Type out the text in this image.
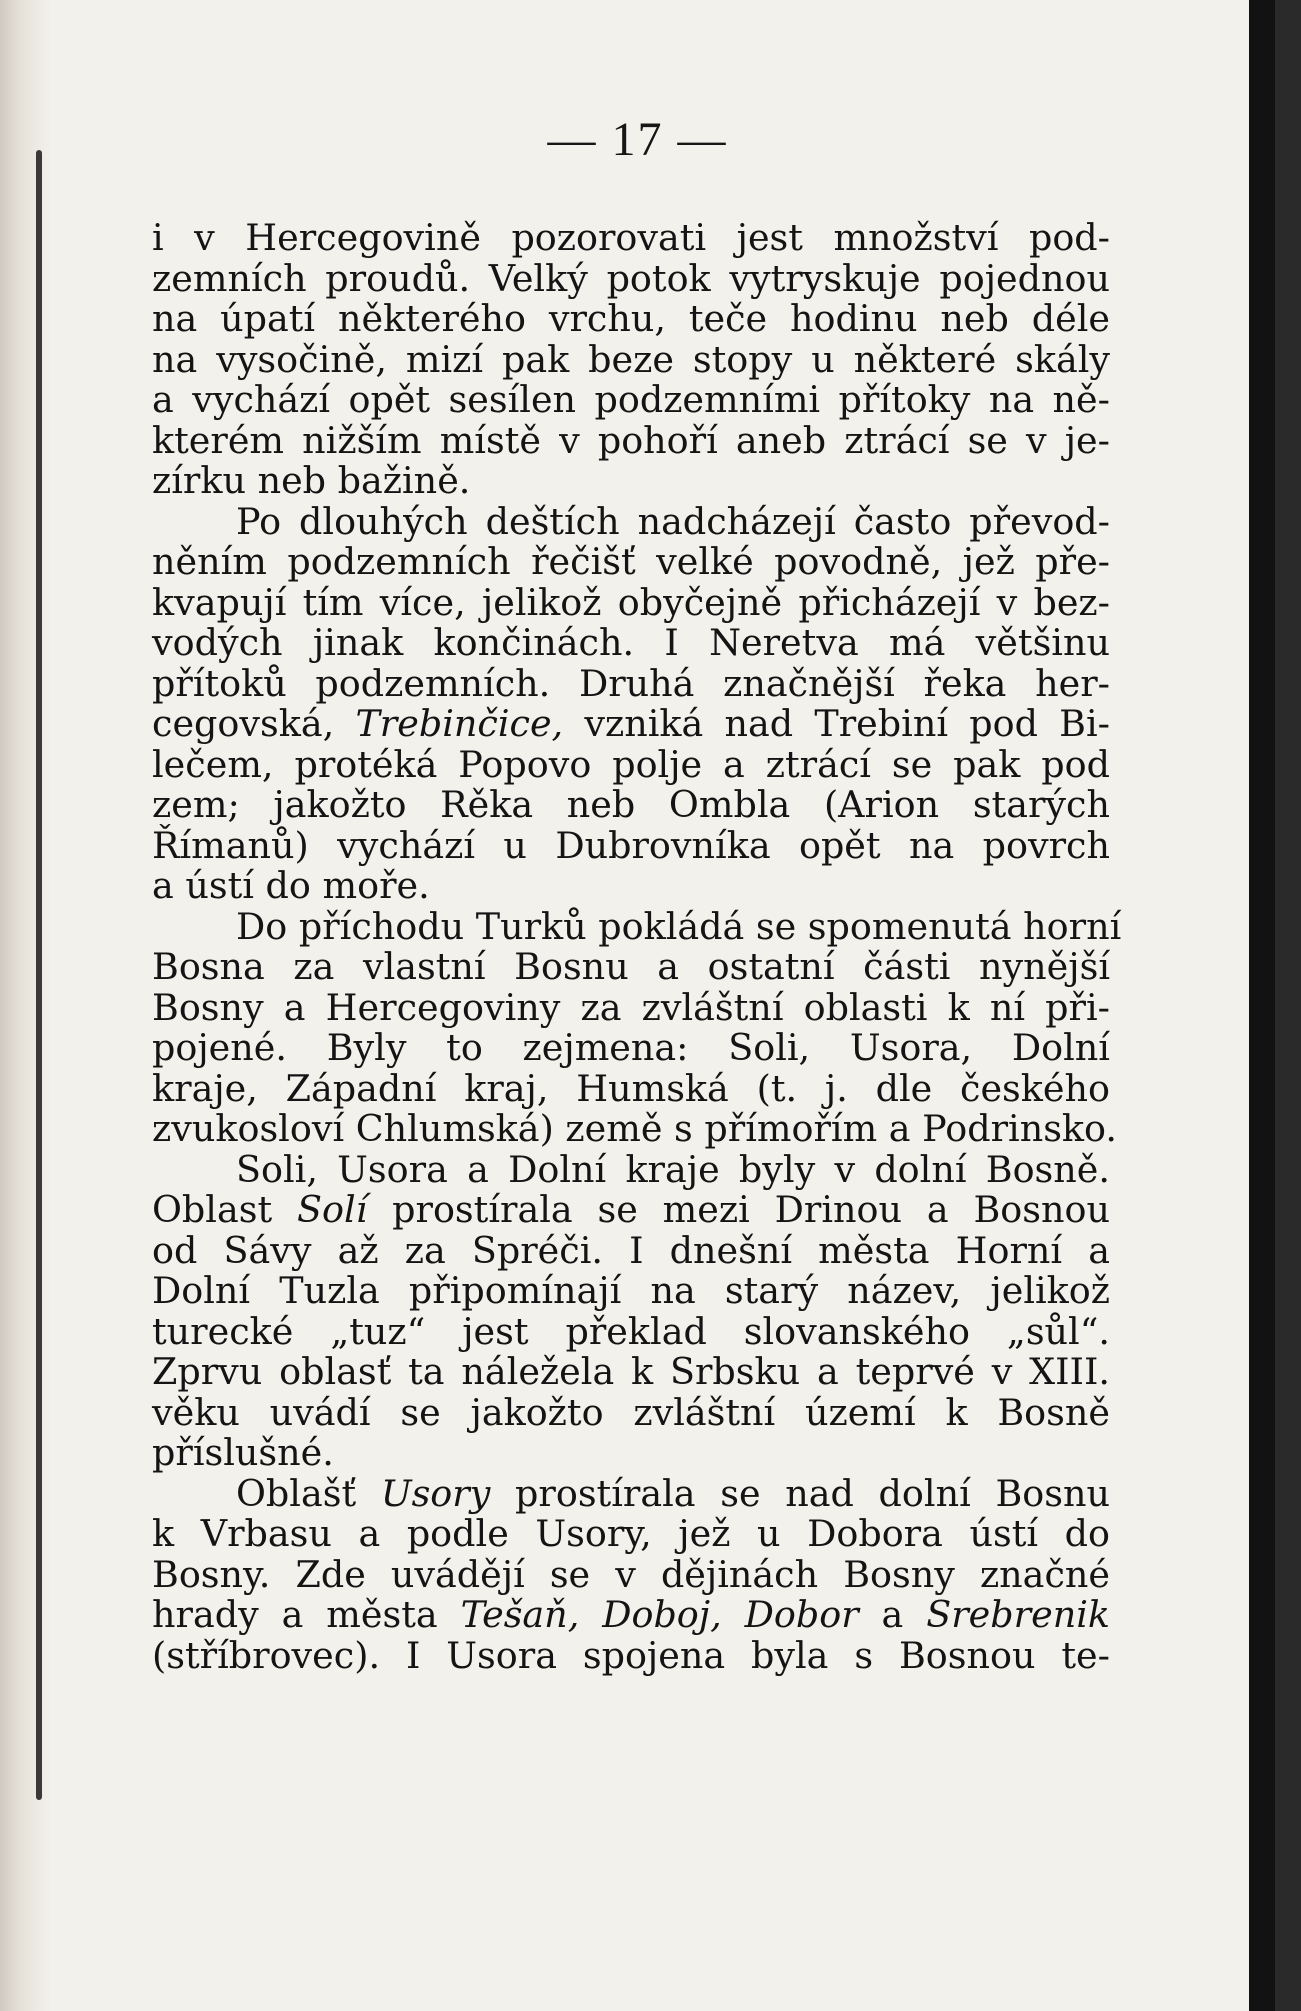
— 17 —
i v Hercegovině pozorovati jest množství pod-
zemních proudů. Velký potok vytryskuje pojednou
na úpatí některého vrchu, teče hodinu neb déle
na vysočině, mizí pak beze stopy u některé skály
a vychází opět sesílen podzemními přítoky na ně-
kterém nižším místě v pohoří aneb ztrácí se v je-
zírku neb bažině.
Po dlouhých deštích nadcházejí často převod-
něním podzemních řečišť velké povodně, jež pře-
kvapují tím více, jelikož obyčejně přicházejí v bez-
vodých jinak končinách. I Neretva má většinu
přítoků podzemních. Druhá značnější řeka her-
cegovská, Trebinčice, vzniká nad Trebiní pod Bi-
lečem, protéká Popovo polje a ztrácí se pak pod
zem; jakožto Rěka neb Ombla (Arion starých
Římanů) vychází u Dubrovníka opět na povrch
a ústí do moře.
Do příchodu Turků pokládá se spomenutá horní
Bosna za vlastní Bosnu a ostatní části nynější
Bosny a Hercegoviny za zvláštní oblasti k ní při-
pojené. Byly to zejmena: Soli, Usora, Dolní
kraje, Západní kraj, Humská (t. j. dle českého
zvukosloví Chlumská) země s přímořím a Podrinsko.
Soli, Usora a Dolní kraje byly v dolní Bosně.
Oblast Solí prostírala se mezi Drinou a Bosnou
od Sávy až za Spréči. I dnešní města Horní a
Dolní Tuzla připomínají na starý název, jelikož
turecké „tuz“ jest překlad slovanského „sůl“.
Zprvu oblasť ta náležela k Srbsku a teprvé v XIII.
věku uvádí se jakožto zvláštní území k Bosně
příslušné.
Oblašť Usory prostírala se nad dolní Bosnu
k Vrbasu a podle Usory, jež u Dobora ústí do
Bosny. Zde uvádějí se v dějinách Bosny značné
hrady a města Tešaň, Doboj, Dobor a Srebrenik
(stříbrovec). I Usora spojena byla s Bosnou te-
